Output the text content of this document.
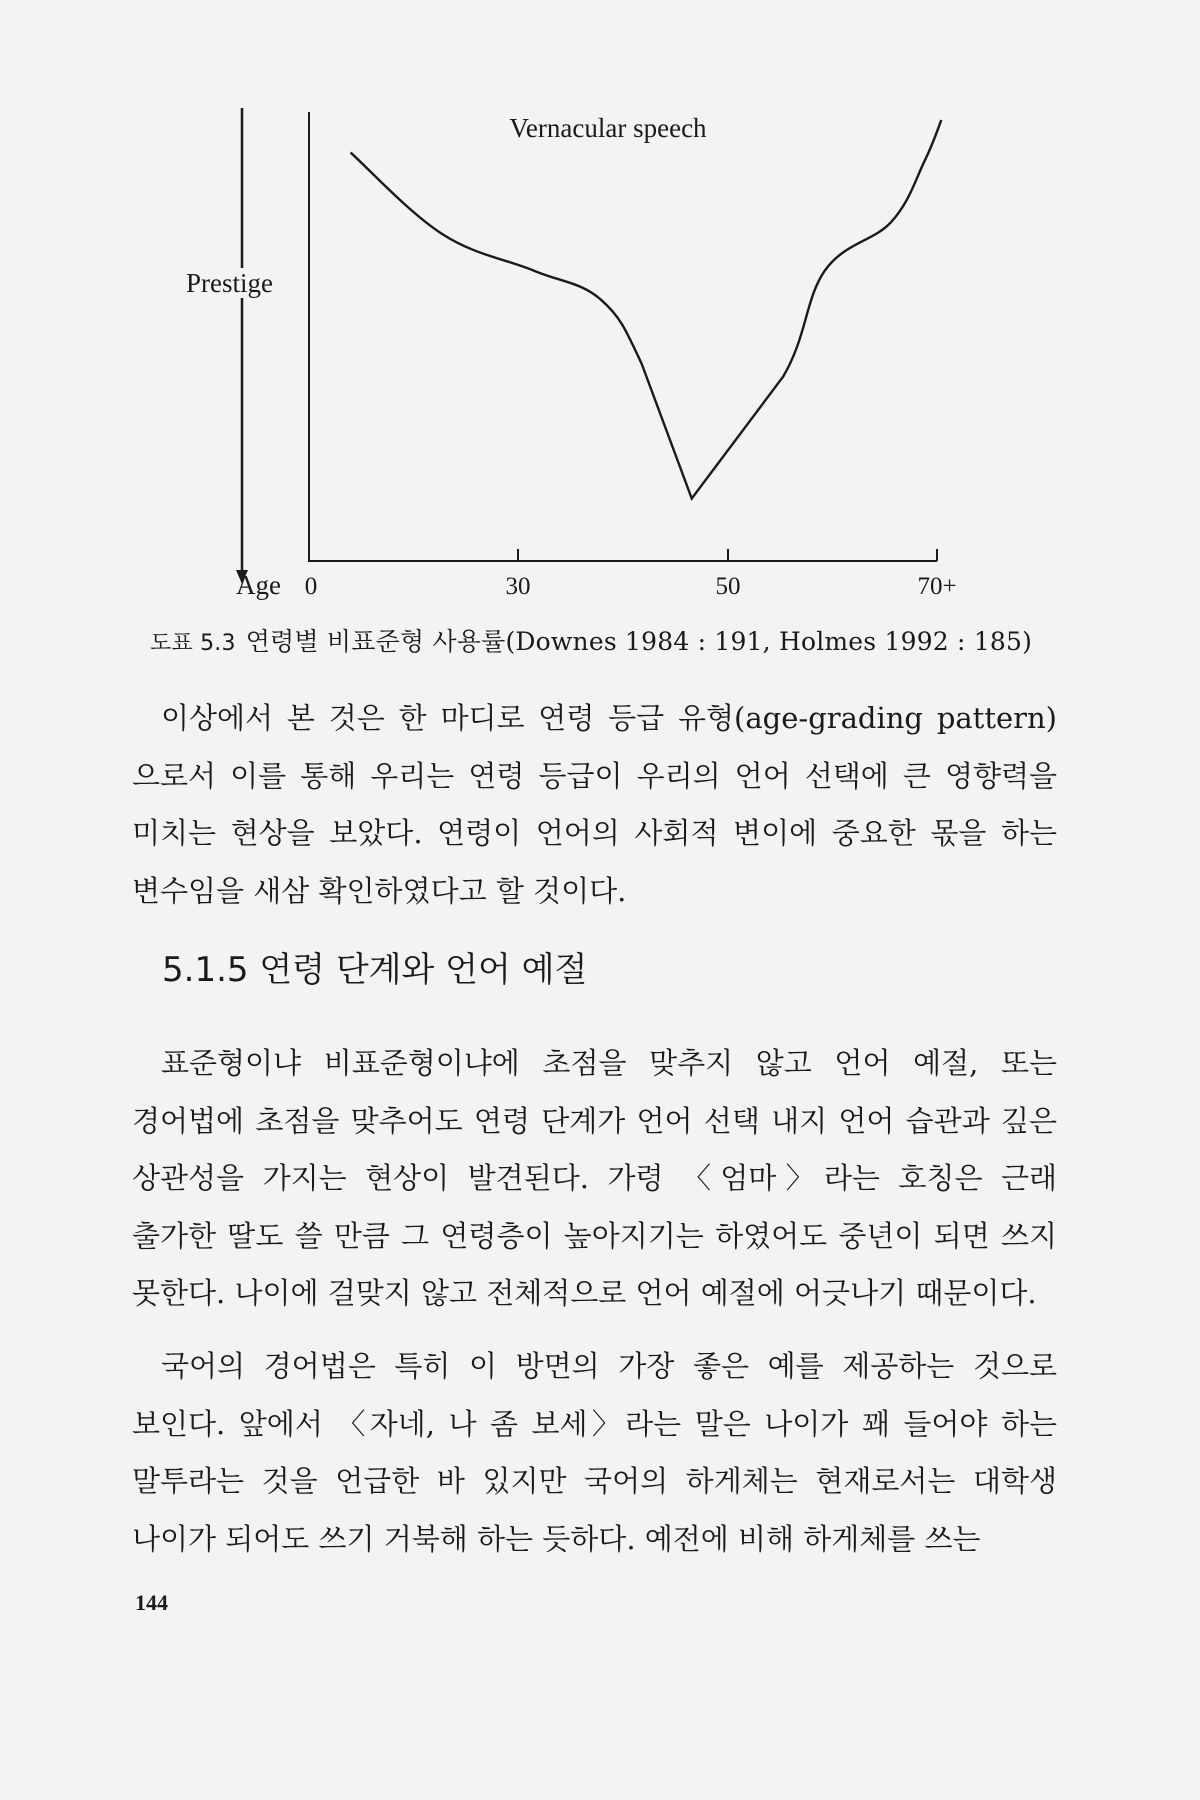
Prestige
0	30	50	70+
Vernacular speech
Age
도표 5.3 연령별 비표준형 사용률(Downes 1984 : 191, Holmes 1992 : 185)
이상에서 본 것은 한 마디로 연령 등급 유형(age-grading pattern)으로서 이를 통해 우리는 연령 등급이 우리의 언어 선택에 큰 영향력을 미치는 현상을 보았다. 연령이 언어의 사회적 변이에 중요한 몫을 하는 변수임을 새삼 확인하였다고 할 것이다.
5.1.5 연령 단계와 언어 예절
표준형이냐 비표준형이냐에 초점을 맞추지 않고 언어 예절, 또는 경어법에 초점을 맞추어도 연령 단계가 언어 선택 내지 언어 습관과 깊은 상관성을 가지는 현상이 발견된다. 가령 〈엄마〉라는 호칭은 근래 출가한 딸도 쓸 만큼 그 연령층이 높아지기는 하였어도 중년이 되면 쓰지 못한다. 나이에 걸맞지 않고 전체적으로 언어 예절에 어긋나기 때문이다.
국어의 경어법은 특히 이 방면의 가장 좋은 예를 제공하는 것으로 보인다. 앞에서 〈자네, 나 좀 보세〉라는 말은 나이가 꽤 들어야 하는 말투라는 것을 언급한 바 있지만 국어의 하게체는 현재로서는 대학생 나이가 되어도 쓰기 거북해 하는 듯하다. 예전에 비해 하게체를 쓰는
144
